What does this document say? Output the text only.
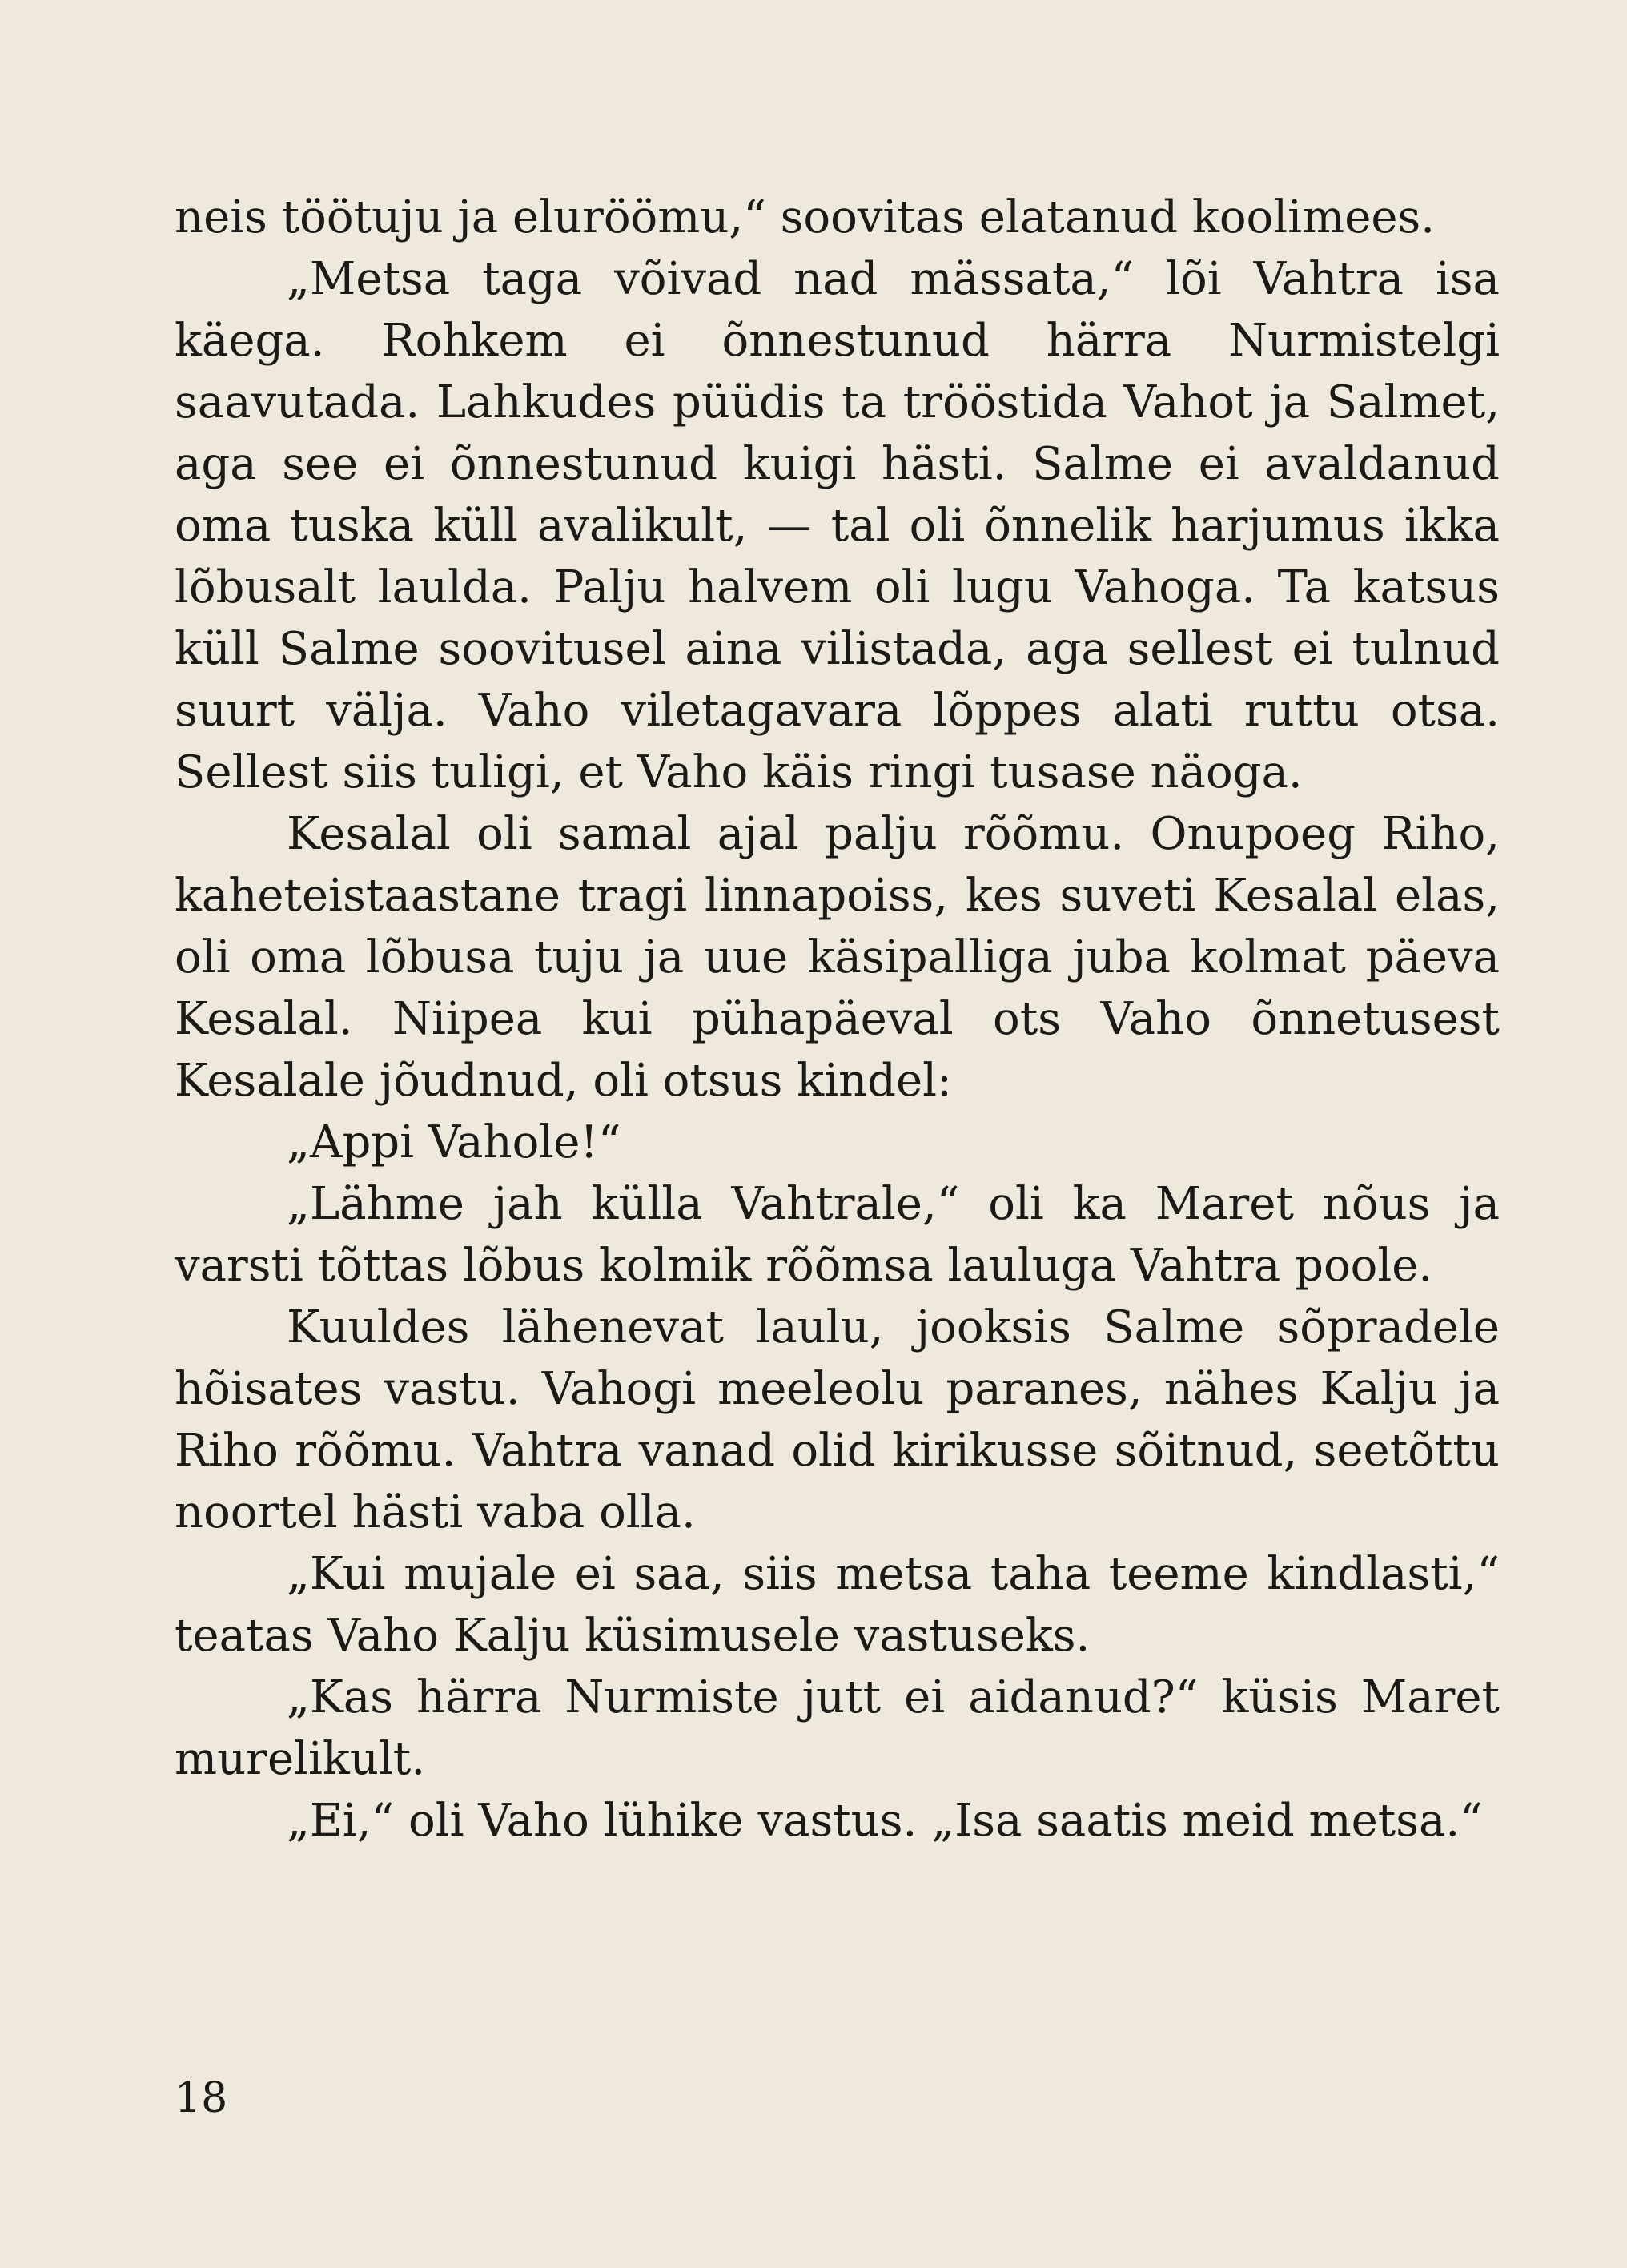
neis töötuju ja eluröömu,“ soovitas elatanud koolimees.

„Metsa taga võivad nad mässata,“ lõi Vahtra isa käega. Rohkem ei õnnestunud härra Nurmistelgi saavutada. Lahkudes püüdis ta trööstida Vahot ja Salmet, aga see ei õnnestunud kuigi hästi. Salme ei avaldanud oma tuska küll avalikult, — tal oli õnnelik harjumus ikka lõbusalt laulda. Palju halvem oli lugu Vahoga. Ta katsus küll Salme soovitusel aina vilistada, aga sellest ei tulnud suurt välja. Vaho viletagavara lõppes alati ruttu otsa. Sellest siis tuligi, et Vaho käis ringi tusase näoga.

Kesalal oli samal ajal palju rõõmu. Onupoeg Riho, kaheteistaastane tragi linnapoiss, kes suveti Kesalal elas, oli oma lõbusa tuju ja uue käsipalliga juba kolmat päeva Kesalal. Niipea kui pühapäeval ots Vaho õnnetusest Kesalale jõudnud, oli otsus kindel:

„Appi Vahole!“

„Lähme jah külla Vahtrale,“ oli ka Maret nõus ja varsti tõttas lõbus kolmik rõõmsa lauluga Vahtra poole.

Kuuldes lähenevat laulu, jooksis Salme sõpradele hõisates vastu. Vahogi meeleolu paranes, nähes Kalju ja Riho rõõmu. Vahtra vanad olid kirikusse sõitnud, seetõttu noortel hästi vaba olla.

„Kui mujale ei saa, siis metsa taha teeme kindlasti,“ teatas Vaho Kalju küsimusele vastuseks.

„Kas härra Nurmiste jutt ei aidanud?“ küsis Maret murelikult.

„Ei,“ oli Vaho lühike vastus. „Isa saatis meid metsa.“

18
